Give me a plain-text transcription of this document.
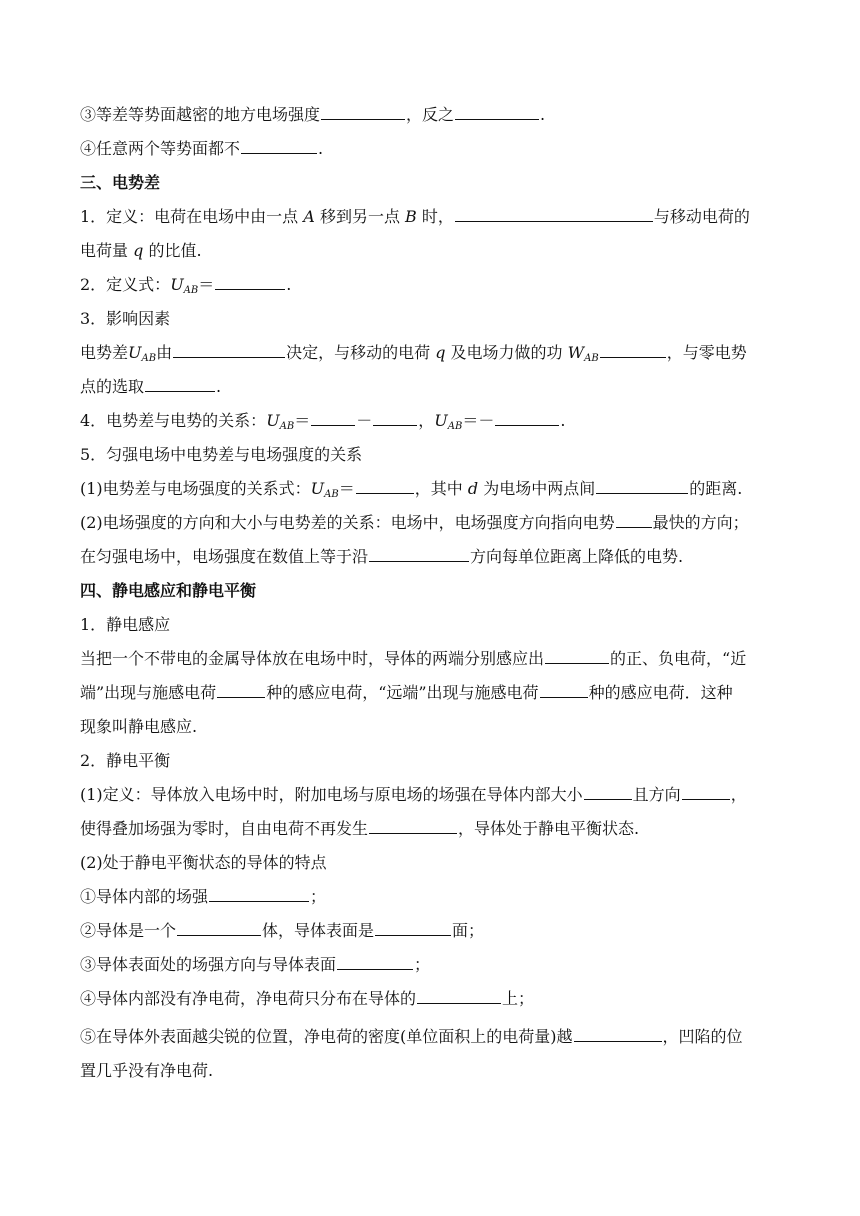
③等差等势面越密的地方电场强度	，反之	.
④任意两个等势面都不	.
三、电势差
1．定义：电荷在电场中由一点 A 移到另一点 B 时，	与移动电荷的
电荷量 q 的比值.
2．定义式：$U_{AB}=$	.
3．影响因素
电势差$U_{AB}$由	决定，与移动的电荷 q 及电场力做的功 $W_{AB}$	，与零电势
点的选取	.
4．电势差与电势的关系：$U_{AB}=$	－	，$U_{AB}=-$	.
5．匀强电场中电势差与电场强度的关系
(1)电势差与电场强度的关系式：$U_{AB}=$	，其中 d 为电场中两点间	的距离.
(2)电场强度的方向和大小与电势差的关系：电场中，电场强度方向指向电势 最快的方向；
在匀强电场中，电场强度在数值上等于沿	方向每单位距离上降低的电势.
四、静电感应和静电平衡
1．静电感应
当把一个不带电的金属导体放在电场中时，导体的两端分别感应出	的正、负电荷，“近
端”出现与施感电荷	种的感应电荷，“远端”出现与施感电荷	种的感应电荷．这种
现象叫静电感应.
2．静电平衡
(1)定义：导体放入电场中时，附加电场与原电场的场强在导体内部大小	且方向	，
使得叠加场强为零时，自由电荷不再发生	，导体处于静电平衡状态.
(2)处于静电平衡状态的导体的特点
①导体内部的场强	；
②导体是一个	体，导体表面是	面；
③导体表面处的场强方向与导体表面	；
④导体内部没有净电荷，净电荷只分布在导体的	上；
⑤在导体外表面越尖锐的位置，净电荷的密度(单位面积上的电荷量)越	，凹陷的位
置几乎没有净电荷.
